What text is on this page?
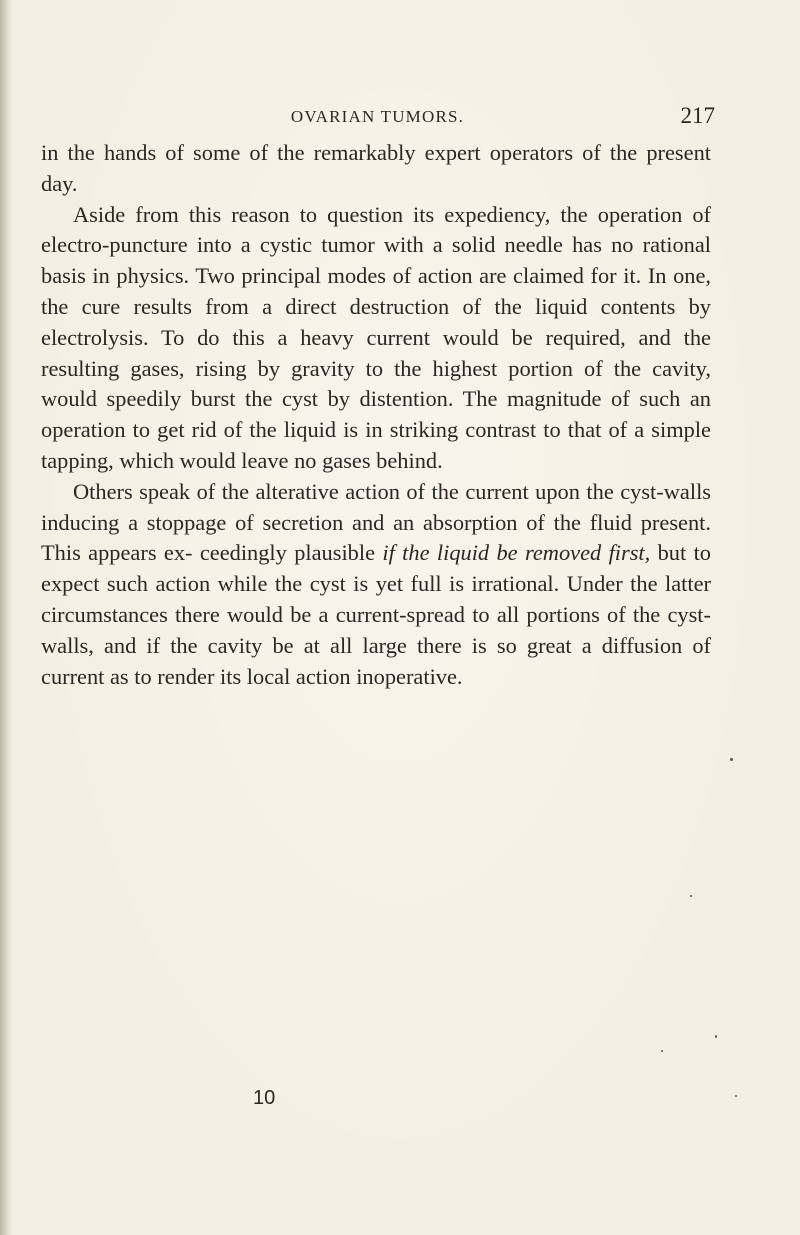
OVARIAN TUMORS.	217

in the hands of some of the remarkably expert operators of the present day.

Aside from this reason to question its expediency, the operation of electro-puncture into a cystic tumor with a solid needle has no rational basis in physics. Two principal modes of action are claimed for it. In one, the cure results from a direct destruction of the liquid contents by electrolysis. To do this a heavy current would be required, and the resulting gases, rising by gravity to the highest portion of the cavity, would speedily burst the cyst by distention. The magnitude of such an operation to get rid of the liquid is in striking contrast to that of a simple tapping, which would leave no gases behind.

Others speak of the alterative action of the current upon the cyst-walls inducing a stoppage of secretion and an absorption of the fluid present. This appears ex- ceedingly plausible if the liquid be removed first, but to expect such action while the cyst is yet full is irrational. Under the latter circumstances there would be a current-spread to all portions of the cyst-walls, and if the cavity be at all large there is so great a diffusion of current as to render its local action inoperative.

10
